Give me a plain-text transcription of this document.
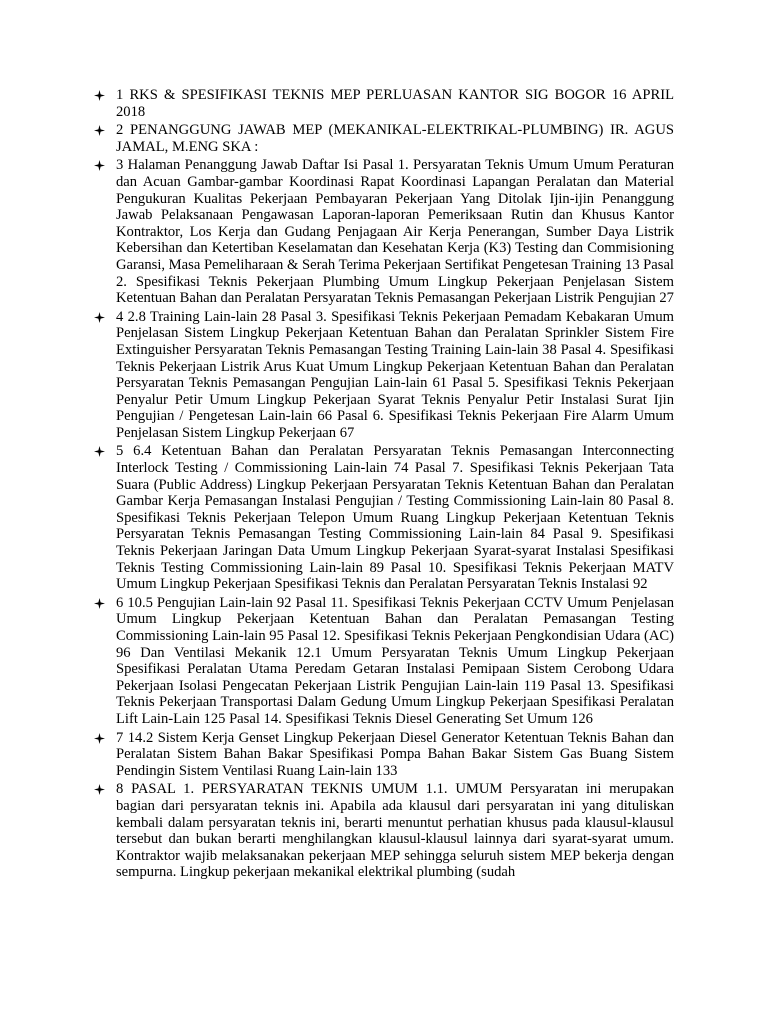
1 RKS & SPESIFIKASI TEKNIS MEP PERLUASAN KANTOR SIG BOGOR 16 APRIL 2018
2 PENANGGUNG JAWAB MEP (MEKANIKAL-ELEKTRIKAL-PLUMBING) IR. AGUS JAMAL, M.ENG SKA :
3 Halaman Penanggung Jawab Daftar Isi Pasal 1. Persyaratan Teknis Umum Umum Peraturan dan Acuan Gambar-gambar Koordinasi Rapat Koordinasi Lapangan Peralatan dan Material Pengukuran Kualitas Pekerjaan Pembayaran Pekerjaan Yang Ditolak Ijin-ijin Penanggung Jawab Pelaksanaan Pengawasan Laporan-laporan Pemeriksaan Rutin dan Khusus Kantor Kontraktor, Los Kerja dan Gudang Penjagaan Air Kerja Penerangan, Sumber Daya Listrik Kebersihan dan Ketertiban Keselamatan dan Kesehatan Kerja (K3) Testing dan Commisioning Garansi, Masa Pemeliharaan & Serah Terima Pekerjaan Sertifikat Pengetesan Training 13 Pasal 2. Spesifikasi Teknis Pekerjaan Plumbing Umum Lingkup Pekerjaan Penjelasan Sistem Ketentuan Bahan dan Peralatan Persyaratan Teknis Pemasangan Pekerjaan Listrik Pengujian 27
4 2.8 Training Lain-lain 28 Pasal 3. Spesifikasi Teknis Pekerjaan Pemadam Kebakaran Umum Penjelasan Sistem Lingkup Pekerjaan Ketentuan Bahan dan Peralatan Sprinkler Sistem Fire Extinguisher Persyaratan Teknis Pemasangan Testing Training Lain-lain 38 Pasal 4. Spesifikasi Teknis Pekerjaan Listrik Arus Kuat Umum Lingkup Pekerjaan Ketentuan Bahan dan Peralatan Persyaratan Teknis Pemasangan Pengujian Lain-lain 61 Pasal 5. Spesifikasi Teknis Pekerjaan Penyalur Petir Umum Lingkup Pekerjaan Syarat Teknis Penyalur Petir Instalasi Surat Ijin Pengujian / Pengetesan Lain-lain 66 Pasal 6. Spesifikasi Teknis Pekerjaan Fire Alarm Umum Penjelasan Sistem Lingkup Pekerjaan 67
5 6.4 Ketentuan Bahan dan Peralatan Persyaratan Teknis Pemasangan Interconnecting Interlock Testing / Commissioning Lain-lain 74 Pasal 7. Spesifikasi Teknis Pekerjaan Tata Suara (Public Address) Lingkup Pekerjaan Persyaratan Teknis Ketentuan Bahan dan Peralatan Gambar Kerja Pemasangan Instalasi Pengujian / Testing Commissioning Lain-lain 80 Pasal 8. Spesifikasi Teknis Pekerjaan Telepon Umum Ruang Lingkup Pekerjaan Ketentuan Teknis Persyaratan Teknis Pemasangan Testing Commissioning Lain-lain 84 Pasal 9. Spesifikasi Teknis Pekerjaan Jaringan Data Umum Lingkup Pekerjaan Syarat-syarat Instalasi Spesifikasi Teknis Testing Commissioning Lain-lain 89 Pasal 10. Spesifikasi Teknis Pekerjaan MATV Umum Lingkup Pekerjaan Spesifikasi Teknis dan Peralatan Persyaratan Teknis Instalasi 92
6 10.5 Pengujian Lain-lain 92 Pasal 11. Spesifikasi Teknis Pekerjaan CCTV Umum Penjelasan Umum Lingkup Pekerjaan Ketentuan Bahan dan Peralatan Pemasangan Testing Commissioning Lain-lain 95 Pasal 12. Spesifikasi Teknis Pekerjaan Pengkondisian Udara (AC) 96 Dan Ventilasi Mekanik 12.1 Umum Persyaratan Teknis Umum Lingkup Pekerjaan Spesifikasi Peralatan Utama Peredam Getaran Instalasi Pemipaan Sistem Cerobong Udara Pekerjaan Isolasi Pengecatan Pekerjaan Listrik Pengujian Lain-lain 119 Pasal 13. Spesifikasi Teknis Pekerjaan Transportasi Dalam Gedung Umum Lingkup Pekerjaan Spesifikasi Peralatan Lift Lain-Lain 125 Pasal 14. Spesifikasi Teknis Diesel Generating Set Umum 126
7 14.2 Sistem Kerja Genset Lingkup Pekerjaan Diesel Generator Ketentuan Teknis Bahan dan Peralatan Sistem Bahan Bakar Spesifikasi Pompa Bahan Bakar Sistem Gas Buang Sistem Pendingin Sistem Ventilasi Ruang Lain-lain 133
8 PASAL 1. PERSYARATAN TEKNIS UMUM 1.1. UMUM Persyaratan ini merupakan bagian dari persyaratan teknis ini. Apabila ada klausul dari persyaratan ini yang dituliskan kembali dalam persyaratan teknis ini, berarti menuntut perhatian khusus pada klausul-klausul tersebut dan bukan berarti menghilangkan klausul-klausul lainnya dari syarat-syarat umum. Kontraktor wajib melaksanakan pekerjaan MEP sehingga seluruh sistem MEP bekerja dengan sempurna. Lingkup pekerjaan mekanikal elektrikal plumbing (sudah
